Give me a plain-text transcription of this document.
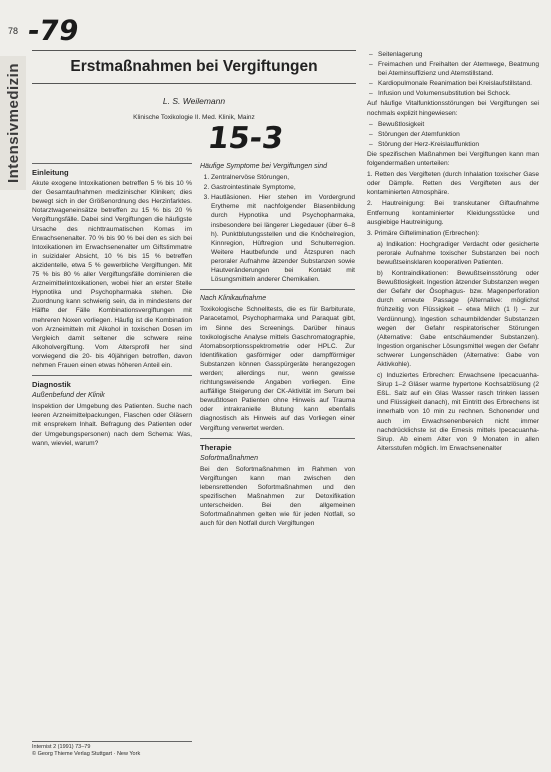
78 -79
15-3
Intensivmedizin	Erstmaßnahmen bei Vergiftungen
L. S. Weilemann
Klinische Toxikologie II. Med. Klinik, Mainz
Einleitung

Akute exogene Intoxikationen betreffen 5 % bis 10 % der Gesamtaufnahmen medizinischer Kliniken; dies bewegt sich in der Größenordnung des Herzinfarktes. Notarztwageneinsätze betreffen zu 15 % bis 20 % Vergiftungsfälle. Dabei sind Vergiftungen die häufigste Ursache des nichttraumatischen Komas im Erwachsenenalter. 70 % bis 90 % bei den es sich bei Intoxikationen im Erwachsenenalter um Giftstimmatre in suizidaler Absicht, 10 % bis 15 % betreffen akzidentelle, etwa 5 % gewerbliche Vergiftungen. Mit 75 % bis 80 % aller Vergiftungsfälle dominieren die Arzneimittelintoxikationen, wobei hier an erster Stelle Hypnotika und Psychopharmaka stehen. Die Zuordnung kann schwierig sein, da in mindestens der Hälfte der Fälle Kombinationsvergiftungen mit mehreren Noxen vorliegen. Häufig ist die Kombination von Arzneimitteln mit Alkohol in toxischen Dosen im Vergleich damit seltener die schwere reine Alkoholvergiftung. Vom Altersprofil her sind vorwiegend die 20- bis 40jährigen betroffen, davon nehmen Frauen einen etwas höheren Anteil ein.

Diagnostik
Außenbefund der Klinik

Inspektion der Umgebung des Patienten. Suche nach leeren Arzneimittelpackungen, Flaschen oder Gläsern mit ensprekem Inhalt. Befragung des Patienten oder der Umgebungspersonen) nach dem Schema: Was, wann, wieviel, warum?

Internist 2 (1991) 73–79
© Georg Thieme Verlag Stuttgart · New York
Häufige Symptome bei Vergiftungen sind
1. Zentralnervöse Störungen,
2. Gastrointestinale Symptome,
3. Hautläsionen. Hier stehen im Vordergrund Erytheme mit nachfolgender Blasenbildung durch Hypnotika und Psychopharmaka, insbesondere bei längerer Liegedauer (über 6–8 h). Punktblutungsstellen und die Knöchelregion, Kinnregion, Hüftregion und Schulterregion. Weitere Hautbefunde und Ätzspuren nach peroraler Aufnahme ätzender Substanzen sowie Hautveränderungen bei Kontakt mit Lösungsmitteln anderer Chemikalien.
Nach Klinikaufnahme

Toxikologische Schnelltests, die es für Barbiturate, Paracetamol, Psychopharmaka und Paraquat gibt, im Sinne des Screenings. Darüber hinaus toxikologische Analyse mittels Gaschromatographie, Atomabsorptionsspektrometrie oder HPLC. Zur Identifikation gasförmiger oder dampfförmiger Substanzen können Gasspürgeräte herangezogen werden; allerdings nur, wenn gewisse richtungsweisende Angaben vorliegen. Eine auffällige Steigerung der CK-Aktivität im Serum bei bewußtlosen Patienten ohne Hinweis auf Trauma oder intrakranielle Blutung kann ebenfalls diagnostisch als Hinweis auf das Vorliegen einer Vergiftung verwertet werden.

Therapie
Sofortmaßnahmen

Bei den Sofortmaßnahmen im Rahmen von Vergiftungen kann man zwischen den lebensrettenden Sofortmaßnahmen und den spezifischen Maßnahmen zur Detoxifikation unterscheiden. Bei den allgemeinen Sofortmaßnahmen gelten wie für jeden Notfall, so auch für den Notfall durch Vergiftungen

– Seitenlagerung
– Freimachen und Freihalten der Atemwege, Beatmung bei Ateminsuffizienz und Atemstillstand.
– Kardiopulmonale Reanimation bei Kreislaufstillstand.
– Infusion und Volumensubstitution bei Schock.

Auf häufige Vitalfunktionsstörungen bei Vergiftungen sei nochmals explizit hingewiesen:

– Bewußtlosigkeit
– Störungen der Atemfunktion
– Störung der Herz-Kreislauffunktion

Die spezifischen Maßnahmen bei Vergiftungen kann man folgendermaßen unterteilen:

1. Retten des Vergifteten (durch Inhalation toxischer Gase oder Dämpfe. Retten des Vergifteten aus der kontaminierten Atmosphäre.

2. Hautreinigung: Bei transkutaner Giftaufnahme Entfernung kontaminierter Kleidungsstücke und ausgiebige Hautreinigung.

3. Primäre Giftelimination (Erbrechen):

a) Indikation: Hochgradiger Verdacht oder gesicherte perorale Aufnahme toxischer Substanzen bei noch bewußtseinsklaren kooperativen Patienten.

b) Kontraindikationen: Bewußtseinsstörung oder Bewußtlosigkeit. Ingestion ätzender Substanzen wegen der Gefahr der Ösophagus- bzw. Magenperforation durch erneute Passage (Alternative: möglichst frühzeitig von Flüssigkeit – etwa Milch (1 l) – zur Verdünnung). Ingestion schaumbildender Substanzen wegen der Gefahr respiratorischer Störungen (Alternative: Gabe entschäumender Substanzen). Ingestion organischer Lösungsmittel wegen der Gefahr schwerer Lungenschäden (Alternative: Gabe von Aktivkohle).

c) Induziertes Erbrechen: Erwachsene Ipecacuanha-Sirup 1–2 Gläser warme hypertone Kochsalzlösung (2 EßL. Salz auf ein Glas Wasser rasch trinken lassen und Flüssigkeit danach), mit Eintritt des Erbrechens ist innerhalb von 10 min zu rechnen. Schonender und auch im Erwachsenenbereich nicht immer nachdrücklichste ist die Emesis mittels Ipecacuanha-Sirup. Ab einem Alter von 9 Monaten in allen Altersstufen möglich. Im Erwachsenenalter
